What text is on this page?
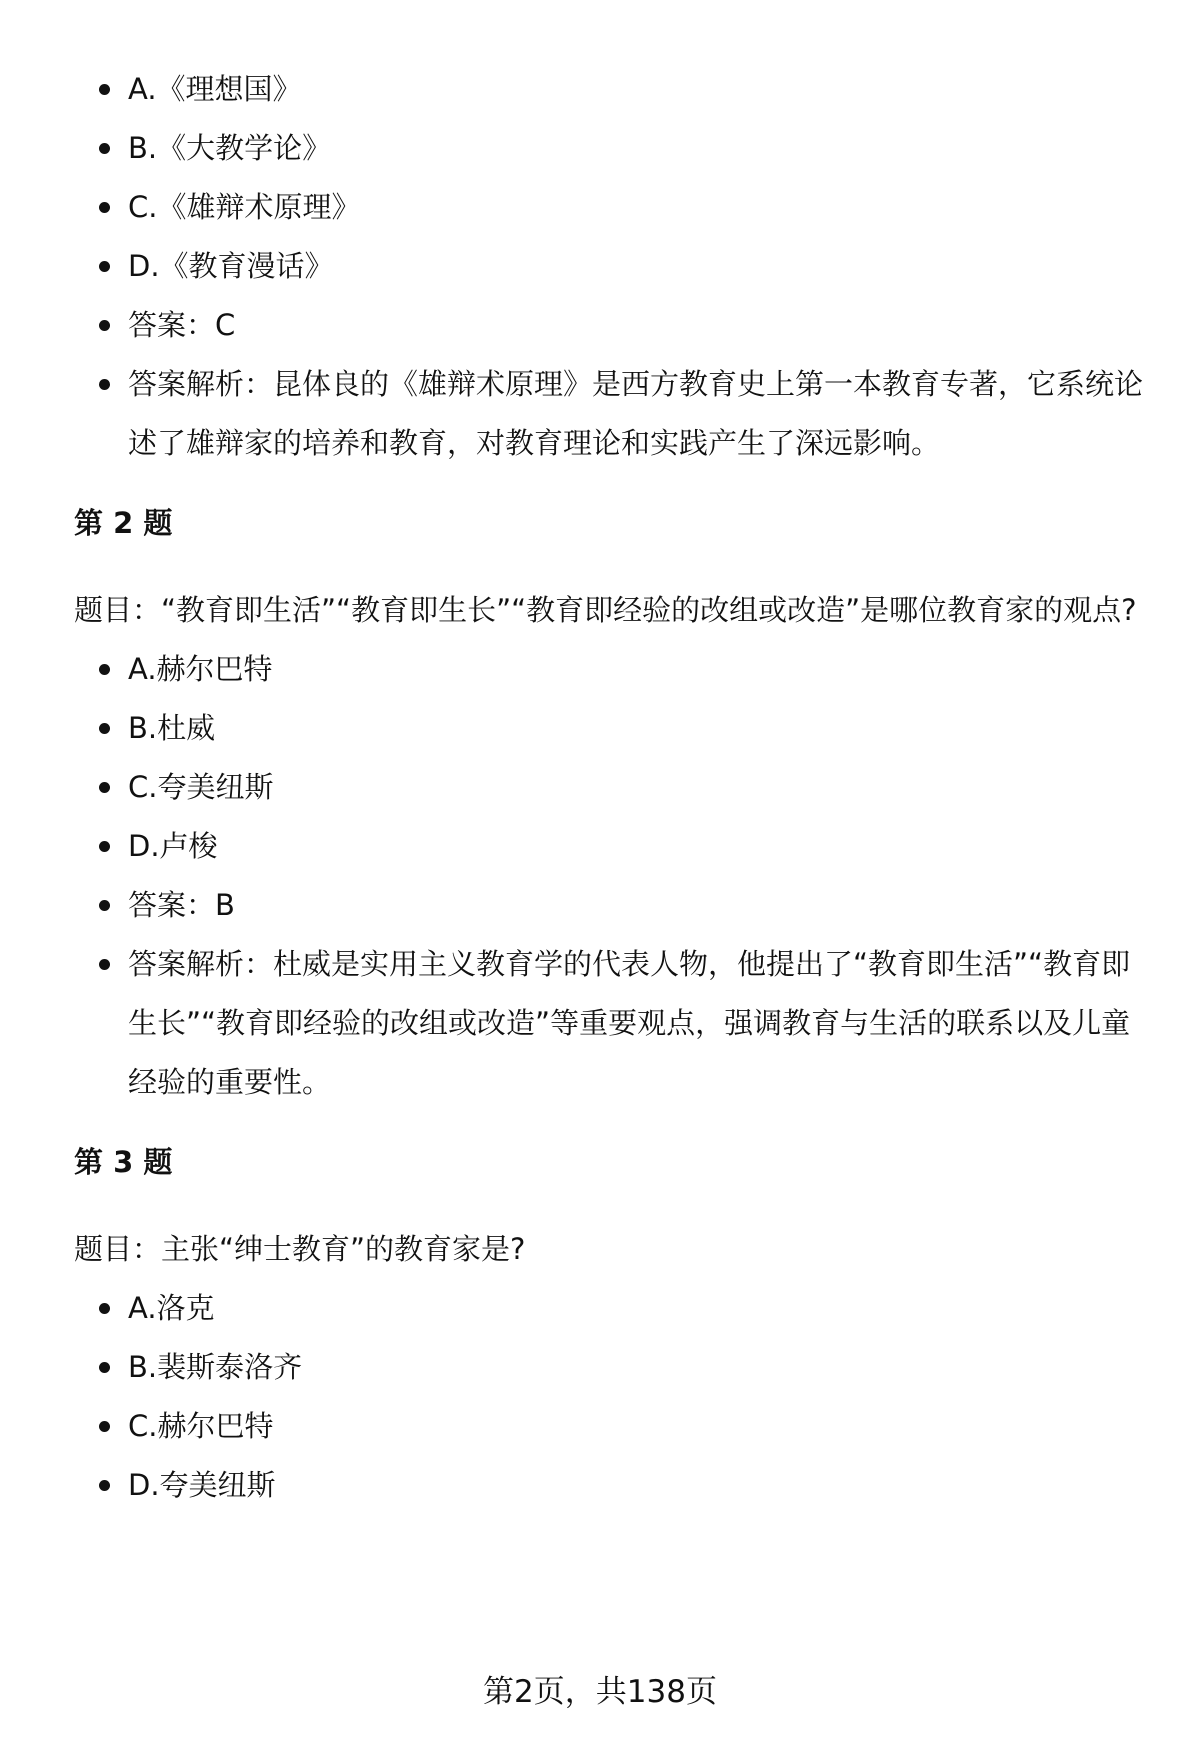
A.《理想国》
B.《大教学论》
C.《雄辩术原理》
D.《教育漫话》
答案：C
答案解析：昆体良的《雄辩术原理》是西方教育史上第一本教育专著，它系统论述了雄辩家的培养和教育，对教育理论和实践产生了深远影响。

第 2 题

题目：“教育即生活”“教育即生长”“教育即经验的改组或改造”是哪位教育家的观点?

A.赫尔巴特
B.杜威
C.夸美纽斯
D.卢梭
答案：B
答案解析：杜威是实用主义教育学的代表人物，他提出了“教育即生活”“教育即生长”“教育即经验的改组或改造”等重要观点，强调教育与生活的联系以及儿童经验的重要性。

第 3 题

题目：主张“绅士教育”的教育家是?

A.洛克
B.裴斯泰洛齐
C.赫尔巴特
D.夸美纽斯
第2页，共138页
